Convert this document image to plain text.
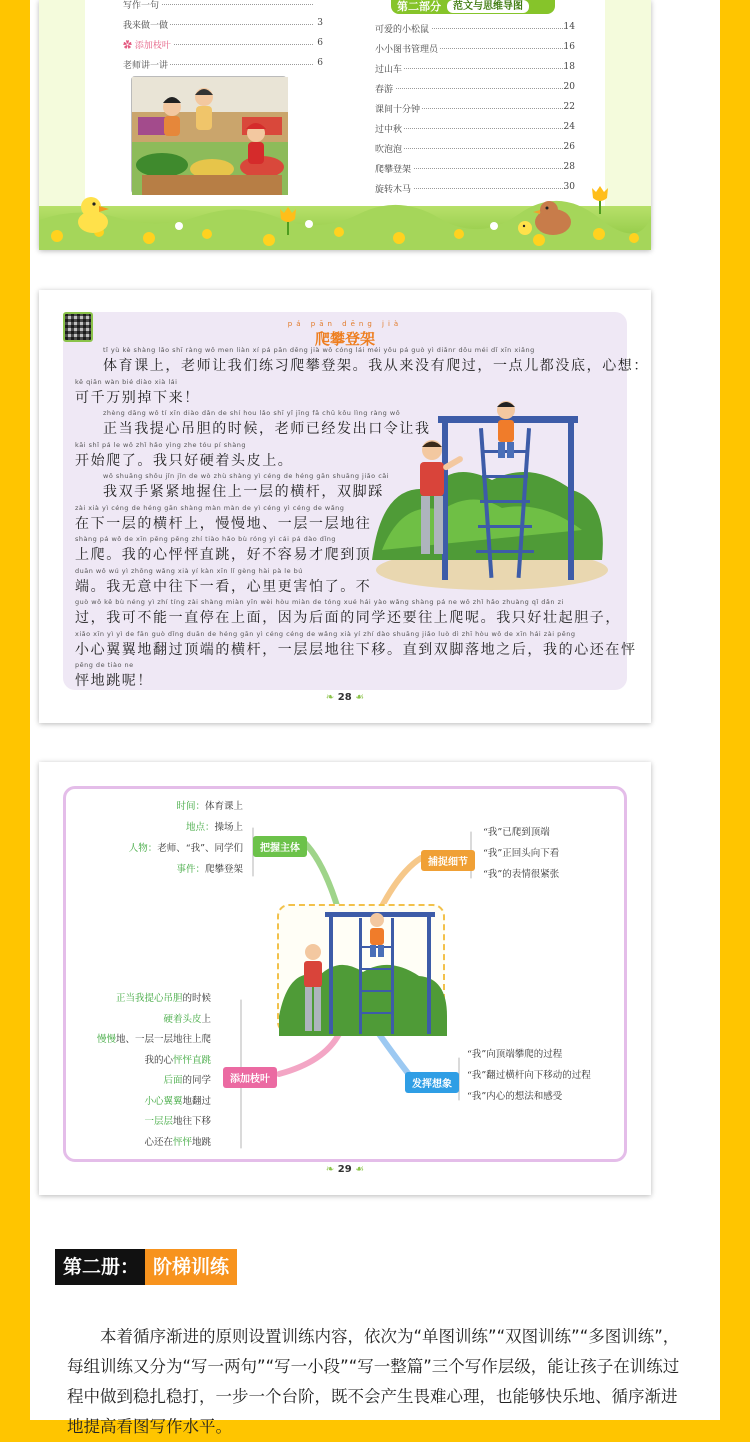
写作一句
我来做一做	3
✿ 添加枝叶	6
老师讲一讲	6
第二部分	范文与思维导图
可爱的小松鼠	14
小小图书管理员	16
过山车	18
春游	20
课间十分钟	22
过中秋	24
吹泡泡	26
爬攀登架	28
旋转木马	30
pá pān dēng jià
爬攀登架
tǐ yù kè shàng lǎo shī ràng wǒ men liàn xí pá pān dēng jià wǒ cóng lái méi yǒu pá guò yì diǎnr dōu méi dǐ xīn xiǎng
体育课上，老师让我们练习爬攀登架。我从来没有爬过，一点儿都没底，心想：
kě qiān wàn bié diào xià lái
可千万别掉下来！
zhèng dāng wǒ tí xīn diào dǎn de shí hou lǎo shī yǐ jīng fā chū kǒu lìng ràng wǒ
正当我提心吊胆的时候，老师已经发出口令让我
kāi shǐ pá le wǒ zhǐ hǎo yìng zhe tóu pí shàng
开始爬了。我只好硬着头皮上。
wǒ shuāng shǒu jǐn jǐn de wò zhù shàng yì céng de héng gān shuāng jiǎo cǎi
我双手紧紧地握住上一层的横杆，双脚踩
zài xià yì céng de héng gān shàng màn màn de yì céng yì céng de wǎng
在下一层的横杆上，慢慢地、一层一层地往
shàng pá wǒ de xīn pēng pēng zhí tiào hǎo bù róng yì cái pá dào dǐng
上爬。我的心怦怦直跳，好不容易才爬到顶
duān wǒ wú yì zhōng wǎng xià yí kàn xīn lǐ gèng hài pà le bú
端。我无意中往下一看，心里更害怕了。不
guò wǒ kě bù néng yì zhí tíng zài shàng miàn yīn wèi hòu miàn de tóng xué hái yào wǎng shàng pá ne wǒ zhǐ hǎo zhuàng qǐ dǎn zi
过，我可不能一直停在上面，因为后面的同学还要往上爬呢。我只好壮起胆子，
xiǎo xīn yì yì de fān guò dǐng duān de héng gān yì céng céng de wǎng xià yí zhí dào shuāng jiǎo luò dì zhī hòu wǒ de xīn hái zài pēng
小心翼翼地翻过顶端的横杆，一层层地往下移。直到双脚落地之后，我的心还在怦
pēng de tiào ne
怦地跳呢！
❧ 28 ☙
把握主体
捕捉细节
添加枝叶	发挥想象
时间：体育课上
地点：操场上
人物：老师、“我”、同学们
事件：爬攀登架
“我”已爬到顶端
“我”正回头向下看
“我”的表情很紧张
正当我提心吊胆的时候
硬着头皮上
慢慢地、一层一层地往上爬
我的心怦怦直跳
后面的同学
小心翼翼地翻过
一层层地往下移
心还在怦怦地跳
“我”向顶端攀爬的过程
“我”翻过横杆向下移动的过程
“我”内心的想法和感受
❧ 29 ☙
第二册： 阶梯训练

本着循序渐进的原则设置训练内容，依次为“单图训练”“双图训练”“多图训练”，每组训练又分为“写一两句”“写一小段”“写一整篇”三个写作层级，能让孩子在训练过程中做到稳扎稳打，一步一个台阶，既不会产生畏难心理，也能够快乐地、循序渐进地提高看图写作水平。
